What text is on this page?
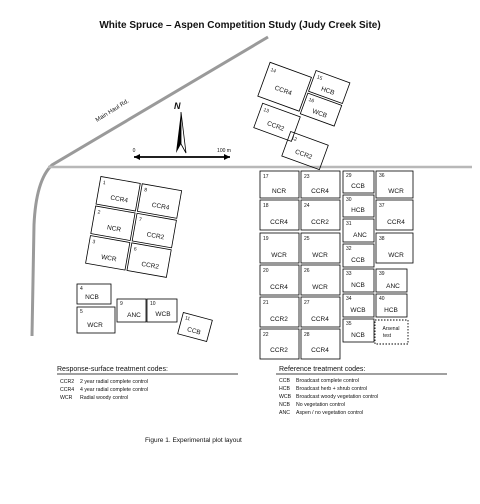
White Spruce – Aspen Competition Study (Judy Creek Site)
Main Haul Rd.	N
0	100 m
14
CCR4
15
HCB
16
WCB
13
CCR2
12
CCR2
1
CCR4
8
CCR4
2
NCR
7
CCR2
3
WCR
6
CCR2
4
NCB
5
WCR
9
ANC
10
WCB
11
CCB
17
NCR
23
CCR4
18
CCR4
24
CCR2
19
WCR
25
WCR
20
CCR4
26
WCR
21
CCR2
27
CCR4
22
CCR2
28
CCR4
29
CCB
36
WCR
30
HCB
37
CCR4
31
ANC 38
WCR
32
CCB
33
NCB
39
ANC
34
WCB
40
HCB
35
NCB
Arsenal
test
Response-surface treatment codes:
CCR2 2 year radial complete control
CCR4 4 year radial complete control
WCR Radial woody control
Reference treatment codes:
CCB Broadcast complete control
HCB Broadcast herb + shrub control
WCB Broadcast woody vegetation control
NCB No vegetation control
ANC Aspen / no vegetation control
Figure 1. Experimental plot layout
